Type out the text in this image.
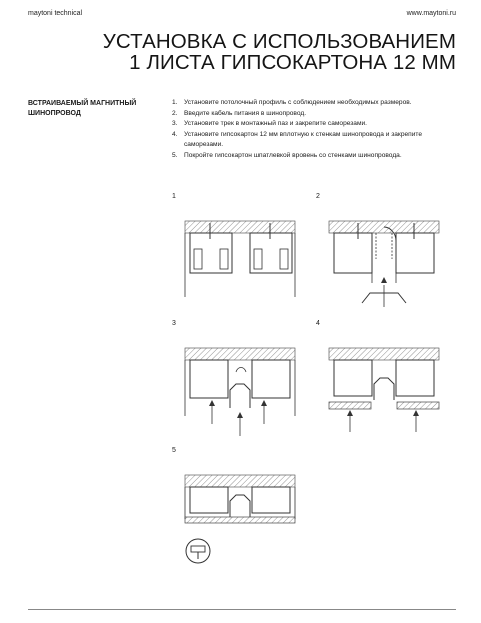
maytoni technical	www.maytoni.ru
УСТАНОВКА С ИСПОЛЬЗОВАНИЕМ
1 ЛИСТА ГИПСОКАРТОНА 12 ММ
ВСТРАИВАЕМЫЙ МАГНИТНЫЙ ШИНОПРОВОД
1. Установите потолочный профиль с соблюдением необходимых размеров.
2. Введите кабель питания в шинопровод.
3. Установите трек в монтажный паз и закрепите саморезами.
4. Установите гипсокартон 12 мм вплотную к стенкам шинопровода и закрепите саморезами.
5. Покройте гипсокартон шпатлевкой вровень со стенками шинопровода.
1	2
3	4
5
